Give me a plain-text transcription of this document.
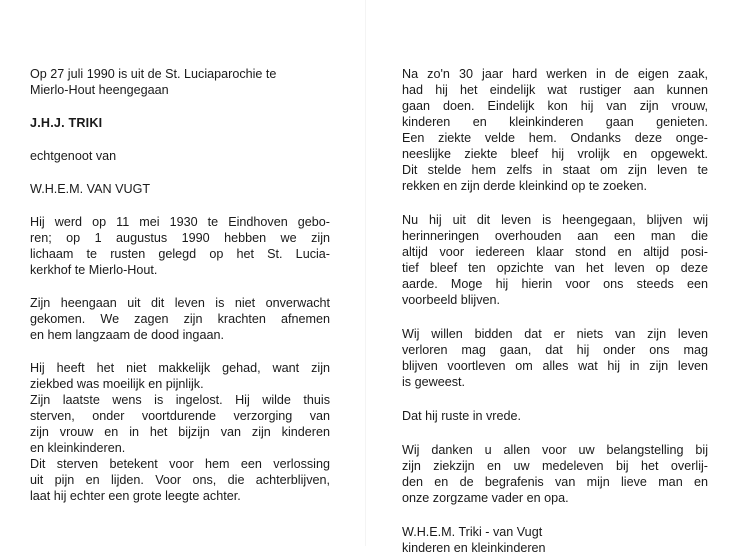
Op 27 juli 1990 is uit de St. Luciaparochie te
Mierlo-Hout heengegaan

J.H.J. TRIKI

echtgenoot van

W.H.E.M. VAN VUGT

Hij werd op 11 mei 1930 te Eindhoven gebo-
ren; op 1 augustus 1990 hebben we zijn
lichaam te rusten gelegd op het St. Lucia-
kerkhof te Mierlo-Hout.

Zijn heengaan uit dit leven is niet onverwacht
gekomen. We zagen zijn krachten afnemen
en hem langzaam de dood ingaan.

Hij heeft het niet makkelijk gehad, want zijn
ziekbed was moeilijk en pijnlijk.
Zijn laatste wens is ingelost. Hij wilde thuis
sterven, onder voortdurende verzorging van
zijn vrouw en in het bijzijn van zijn kinderen
en kleinkinderen.
Dit sterven betekent voor hem een verlossing
uit pijn en lijden. Voor ons, die achterblijven,
laat hij echter een grote leegte achter.

Na zo'n 30 jaar hard werken in de eigen zaak,
had hij het eindelijk wat rustiger aan kunnen
gaan doen. Eindelijk kon hij van zijn vrouw,
kinderen en kleinkinderen gaan genieten.
Een ziekte velde hem. Ondanks deze onge-
neeslijke ziekte bleef hij vrolijk en opgewekt.
Dit stelde hem zelfs in staat om zijn leven te
rekken en zijn derde kleinkind op te zoeken.

Nu hij uit dit leven is heengegaan, blijven wij
herinneringen overhouden aan een man die
altijd voor iedereen klaar stond en altijd posi-
tief bleef ten opzichte van het leven op deze
aarde. Moge hij hierin voor ons steeds een
voorbeeld blijven.

Wij willen bidden dat er niets van zijn leven
verloren mag gaan, dat hij onder ons mag
blijven voortleven om alles wat hij in zijn leven
is geweest.

Dat hij ruste in vrede.

Wij danken u allen voor uw belangstelling bij
zijn ziekzijn en uw medeleven bij het overlij-
den en de begrafenis van mijn lieve man en
onze zorgzame vader en opa.

W.H.E.M. Triki - van Vugt
kinderen en kleinkinderen
